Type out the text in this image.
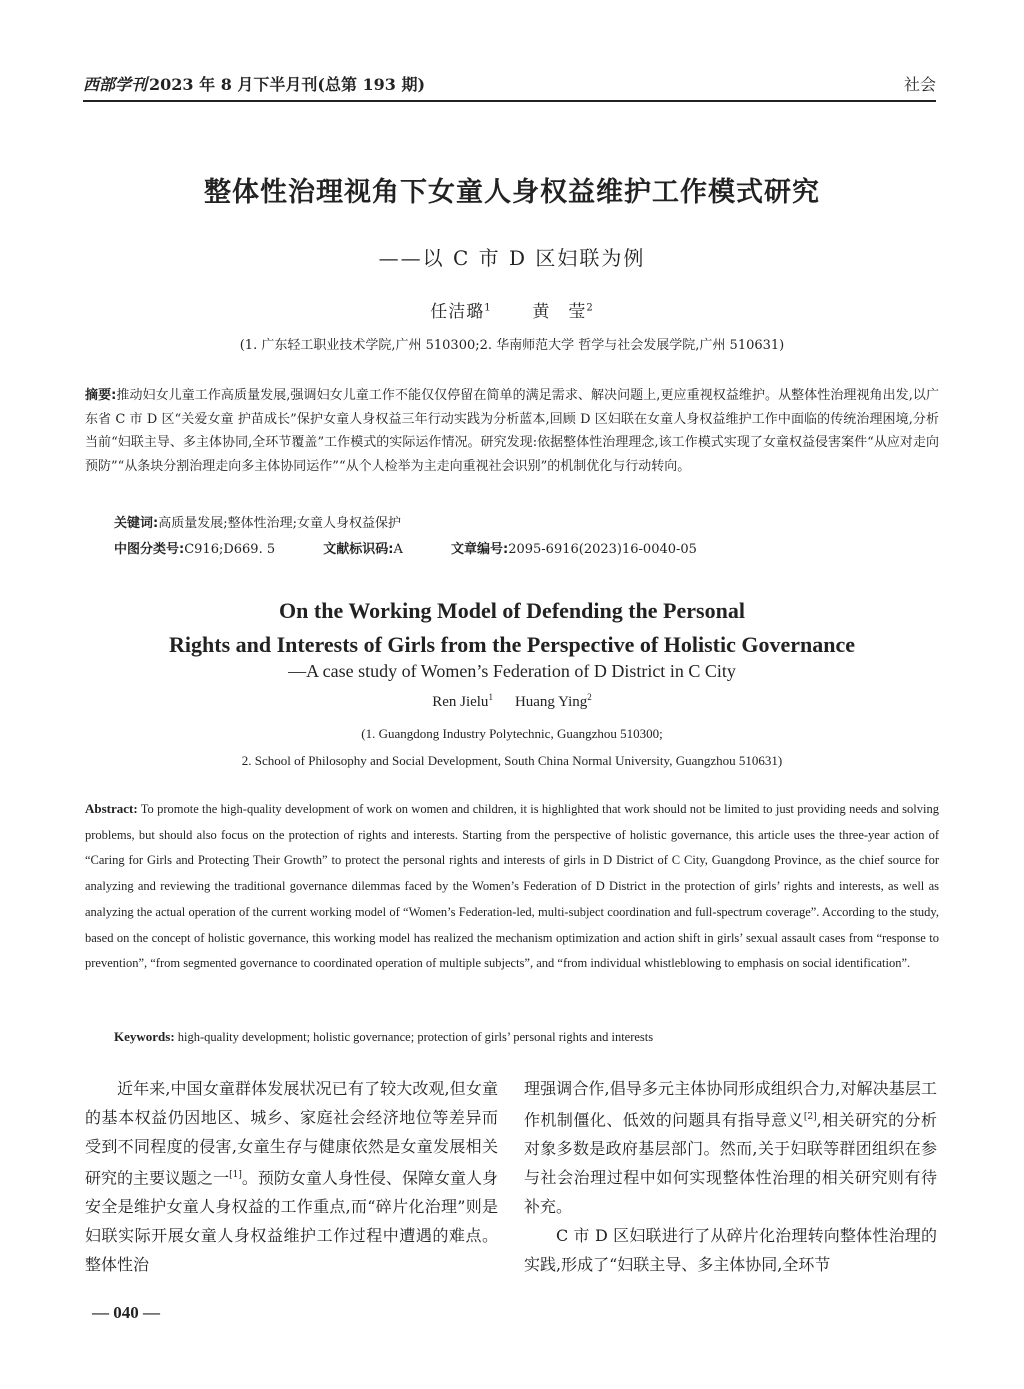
西部学刊 2023 年 8 月下半月刊(总第 193 期)	社会
整体性治理视角下女童人身权益维护工作模式研究
——以 C 市 D 区妇联为例
任洁璐$^1$ 黄　莹$^2$
(1. 广东轻工职业技术学院,广州 510300;2. 华南师范大学 哲学与社会发展学院,广州 510631)
摘要:推动妇女儿童工作高质量发展,强调妇女儿童工作不能仅仅停留在简单的满足需求、解决问题上,更应重视权益维护。从整体性治理视角出发,以广东省 C 市 D 区“关爱女童 护苗成长”保护女童人身权益三年行动实践为分析蓝本,回顾 D 区妇联在女童人身权益维护工作中面临的传统治理困境,分析当前“妇联主导、多主体协同,全环节覆盖”工作模式的实际运作情况。研究发现:依据整体性治理理念,该工作模式实现了女童权益侵害案件“从应对走向预防”“从条块分割治理走向多主体协同运作”“从个人检举为主走向重视社会识别”的机制优化与行动转向。
关键词:高质量发展;整体性治理;女童人身权益保护
中图分类号:C916;D669. 5	文献标识码:A	文章编号:2095-6916(2023)16-0040-05
On the Working Model of Defending the Personal
Rights and Interests of Girls from the Perspective of Holistic Governance
—A case study of Women’s Federation of D District in C City
Ren Jielu$^1$ Huang Ying$^2$
(1. Guangdong Industry Polytechnic, Guangzhou 510300;
2. School of Philosophy and Social Development, South China Normal University, Guangzhou 510631)
Abstract: To promote the high-quality development of work on women and children, it is highlighted that work should not be limited to just providing needs and solving problems, but should also focus on the protection of rights and interests. Starting from the perspective of holistic governance, this article uses the three-year action of “Caring for Girls and Protecting Their Growth” to protect the personal rights and interests of girls in D District of C City, Guangdong Province, as the chief source for analyzing and reviewing the traditional governance dilemmas faced by the Women’s Federation of D District in the protection of girls’ rights and interests, as well as analyzing the actual operation of the current working model of “Women’s Federation-led, multi-subject coordination and full-spectrum coverage”. According to the study, based on the concept of holistic governance, this working model has realized the mechanism optimization and action shift in girls’ sexual assault cases from “response to prevention”, “from segmented governance to coordinated operation of multiple subjects”, and “from individual whistleblowing to emphasis on social identification”.
Keywords: high-quality development; holistic governance; protection of girls’ personal rights and interests

近年来,中国女童群体发展状况已有了较大改观,但女童的基本权益仍因地区、城乡、家庭社会经济地位等差异而受到不同程度的侵害,女童生存与健康依然是女童发展相关研究的主要议题之一[1]。预防女童人身性侵、保障女童人身安全是维护女童人身权益的工作重点,而“碎片化治理”则是妇联实际开展女童人身权益维护工作过程中遭遇的难点。整体性治

理强调合作,倡导多元主体协同形成组织合力,对解决基层工作机制僵化、低效的问题具有指导意义[2],相关研究的分析对象多数是政府基层部门。然而,关于妇联等群团组织在参与社会治理过程中如何实现整体性治理的相关研究则有待补充。

C 市 D 区妇联进行了从碎片化治理转向整体性治理的实践,形成了“妇联主导、多主体协同,全环节

— 040 —
